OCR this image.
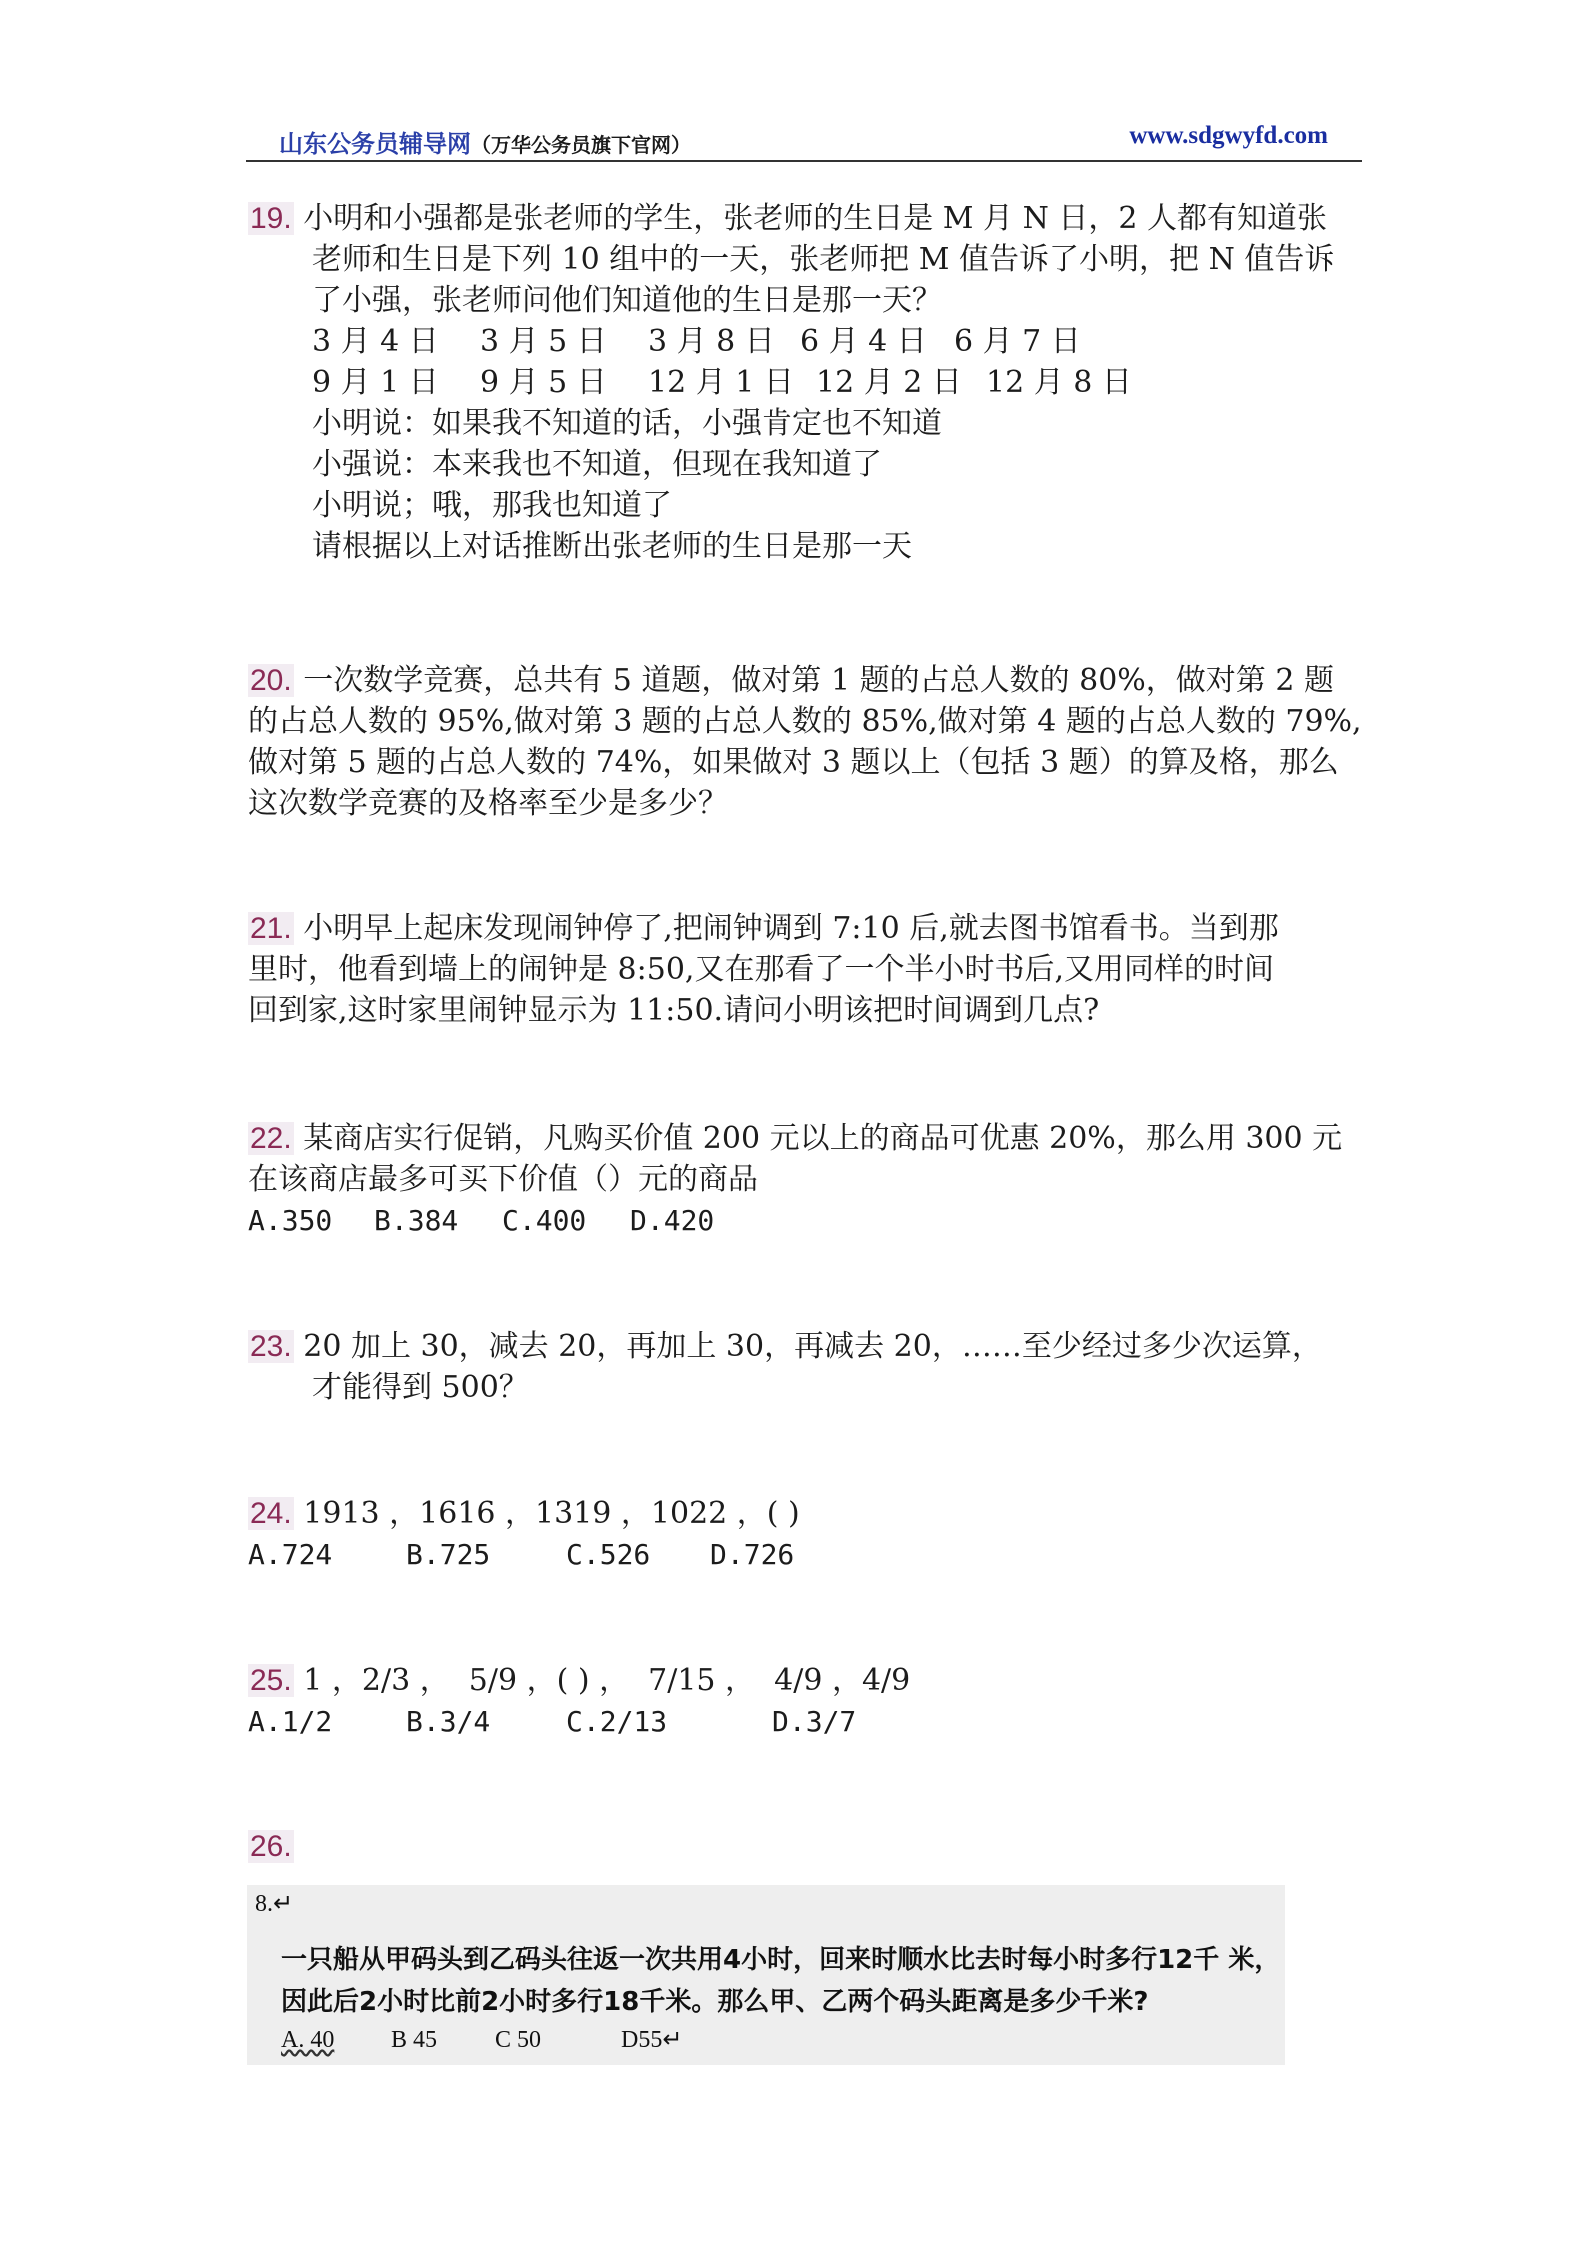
山东公务员辅导网（万华公务员旗下官网）	www.sdgwyfd.com
19. 小明和小强都是张老师的学生，张老师的生日是 M 月 N 日，2 人都有知道张
老师和生日是下列 10 组中的一天，张老师把 M 值告诉了小明，把 N 值告诉
了小强，张老师问他们知道他的生日是那一天？
3 月 4 日 3 月 5 日 3 月 8 日 6 月 4 日 6 月 7 日
9 月 1 日 9 月 5 日 12 月 1 日 12 月 2 日 12 月 8 日
小明说：如果我不知道的话，小强肯定也不知道
小强说：本来我也不知道，但现在我知道了
小明说；哦，那我也知道了
请根据以上对话推断出张老师的生日是那一天
20. 一次数学竞赛，总共有 5 道题，做对第 1 题的占总人数的 80%，做对第 2 题
的占总人数的 95%,做对第 3 题的占总人数的 85%,做对第 4 题的占总人数的 79%,
做对第 5 题的占总人数的 74%，如果做对 3 题以上（包括 3 题）的算及格，那么
这次数学竞赛的及格率至少是多少？
21. 小明早上起床发现闹钟停了,把闹钟调到 7:10 后,就去图书馆看书。当到那
里时，他看到墙上的闹钟是 8:50,又在那看了一个半小时书后,又用同样的时间
回到家,这时家里闹钟显示为 11:50.请问小明该把时间调到几点?
22. 某商店实行促销，凡购买价值 200 元以上的商品可优惠 20%，那么用 300 元
在该商店最多可买下价值（）元的商品
A.350 B.384 C.400 D.420
23. 20 加上 30，减去 20，再加上 30，再减去 20，……至少经过多少次运算，
才能得到 500？
24. 1913 ，1616 ，1319 ，1022 ，( )
A.724	B.725	C.526 D.726
25. 1 ，2/3 ，  5/9 ，( ) ，  7/15 ，  4/9 ，4/9
A.1/2	B.3/4	C.2/13	D.3/7
26.
8.↵
一只船从甲码头到乙码头往返一次共用4小时，回来时顺水比去时每小时多行12千 米，
因此后2小时比前2小时多行18千米。那么甲、乙两个码头距离是多少千米?
A. 40 B 45 C 50	D55↵
